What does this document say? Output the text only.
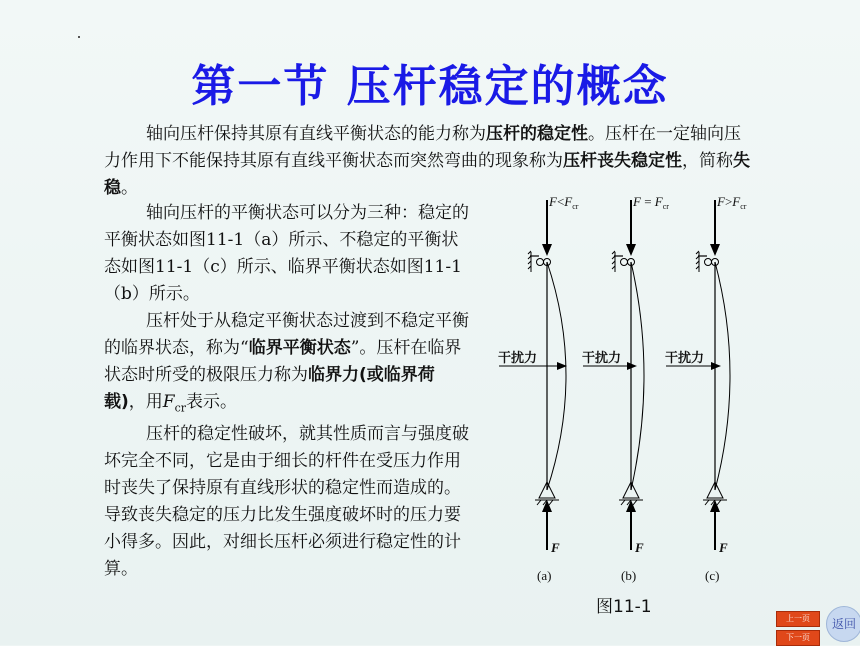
第一节 压杆稳定的概念
轴向压杆保持其原有直线平衡状态的能力称为压杆的稳定性。压杆在一定轴向压力作用下不能保持其原有直线平衡状态而突然弯曲的现象称为压杆丧失稳定性，简称失稳。

轴向压杆的平衡状态可以分为三种：稳定的平衡状态如图11-1（a）所示、不稳定的平衡状态如图11-1（c）所示、临界平衡状态如图11-1（b）所示。

压杆处于从稳定平衡状态过渡到不稳定平衡的临界状态，称为“临界平衡状态”。压杆在临界状态时所受的极限压力称为临界力(或临界荷载)，用$F_{cr}$表示。

压杆的稳定性破坏，就其性质而言与强度破坏完全不同，它是由于细长的杆件在受压力作用时丧失了保持原有直线形状的稳定性而造成的。导致丧失稳定的压力比发生强度破坏时的压力要小得多。因此，对细长压杆必须进行稳定性的计算。

$F<F_{cr}$
干扰力
F
(a)
$F = F_{cr}$
干扰力
F
(b)
$F>F_{cr}$
干扰力
F
(c)
图11-1
上一页
下一页
返回
